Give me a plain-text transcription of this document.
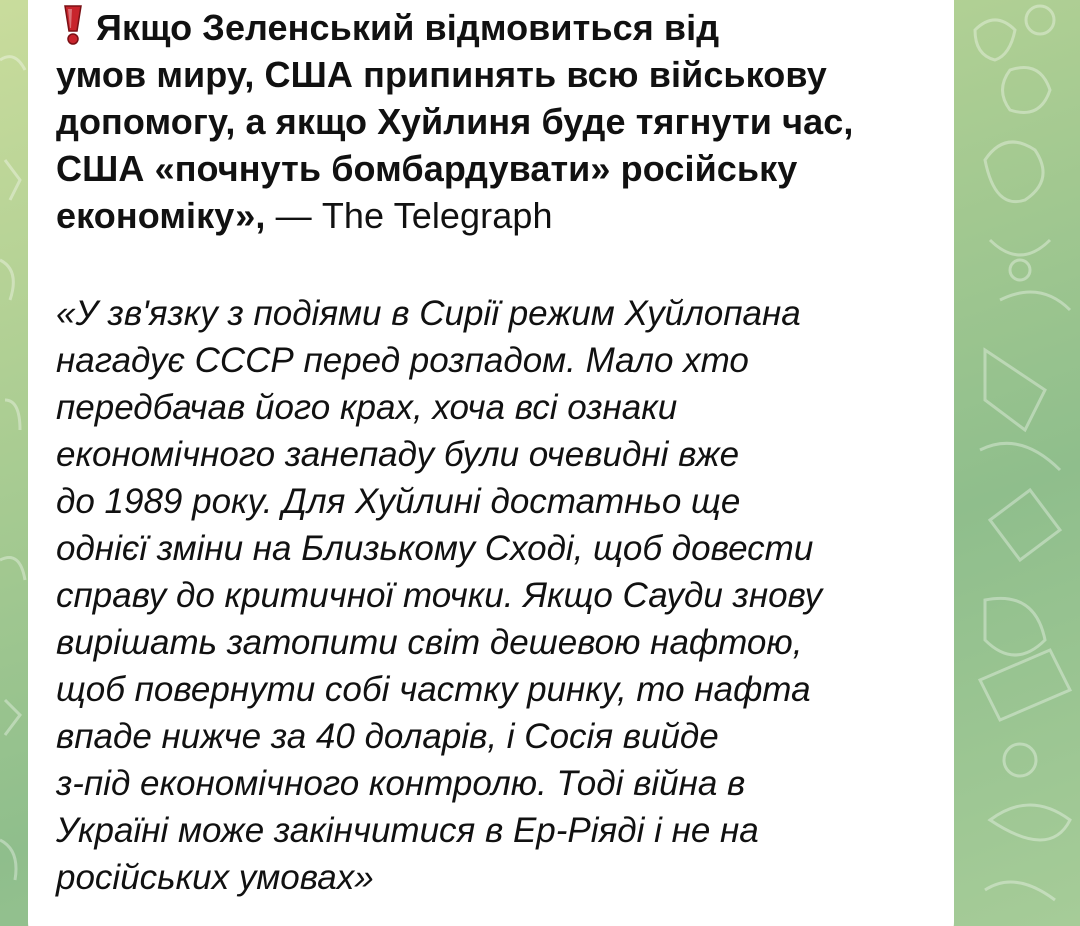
Якщо Зеленський відмовиться від
умов миру, США припинять всю військову
допомогу, а якщо Хуйлиня буде тягнути час,
США «почнуть бомбардувати» російську
економіку», — The Telegraph
«У зв'язку з подіями в Сирії режим Хуйлопана
нагадує СССР перед розпадом. Мало хто
передбачав його крах, хоча всі ознаки
економічного занепаду були очевидні вже
до 1989 року. Для Хуйлині достатньо ще
однієї зміни на Близькому Сході, щоб довести
справу до критичної точки. Якщо Сауди знову
вирішать затопити світ дешевою нафтою,
щоб повернути собі частку ринку, то нафта
впаде нижче за 40 доларів, і Сосія вийде
з-під економічного контролю. Тоді війна в
Україні може закінчитися в Ер-Ріяді і не на
російських умовах»
